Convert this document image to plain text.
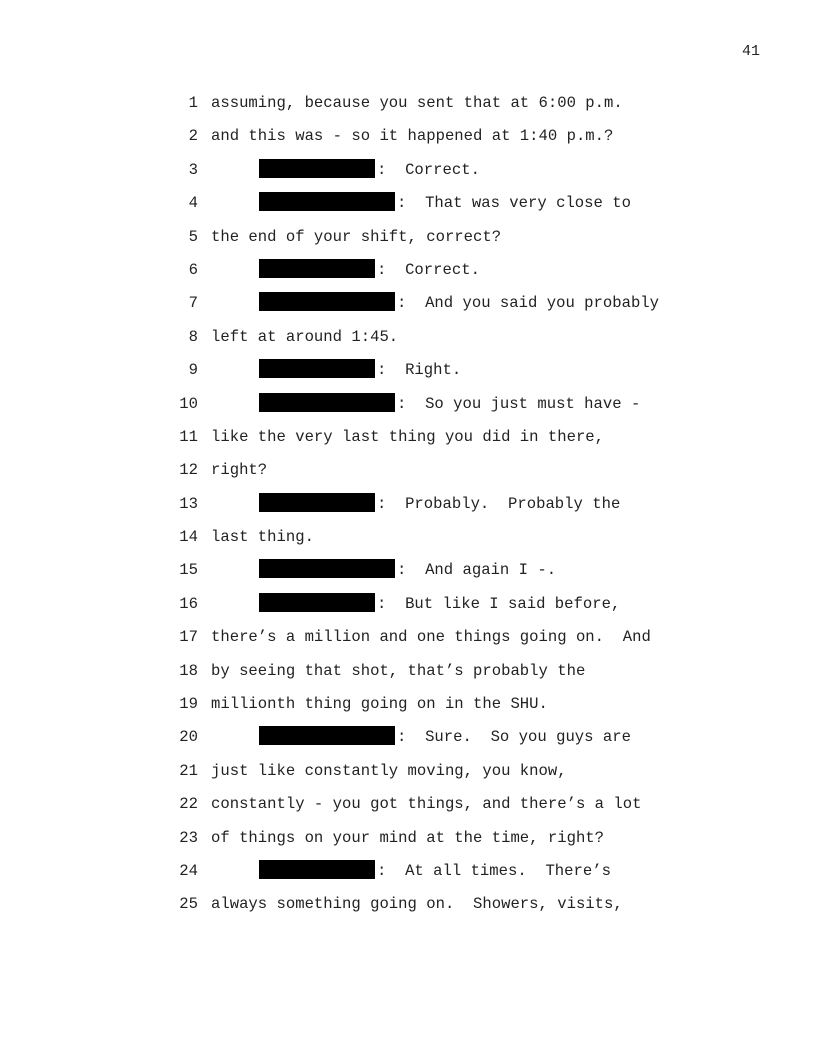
41
1 assuming, because you sent that at 6:00 p.m.
2 and this was - so it happened at 1:40 p.m.?
3	:  Correct.
4	:  That was very close to
5 the end of your shift, correct?
6	:  Correct.
7	:  And you said you probably
8 left at around 1:45.
9	:  Right.
10	:  So you just must have -
11 like the very last thing you did in there,
12 right?
13	:  Probably.  Probably the
14 last thing.
15	:  And again I -.
16	:  But like I said before,
17 there’s a million and one things going on.  And
18 by seeing that shot, that’s probably the
19 millionth thing going on in the SHU.
20	:  Sure.  So you guys are
21 just like constantly moving, you know,
22 constantly - you got things, and there’s a lot
23 of things on your mind at the time, right?
24	:  At all times.  There’s
25 always something going on.  Showers, visits,
